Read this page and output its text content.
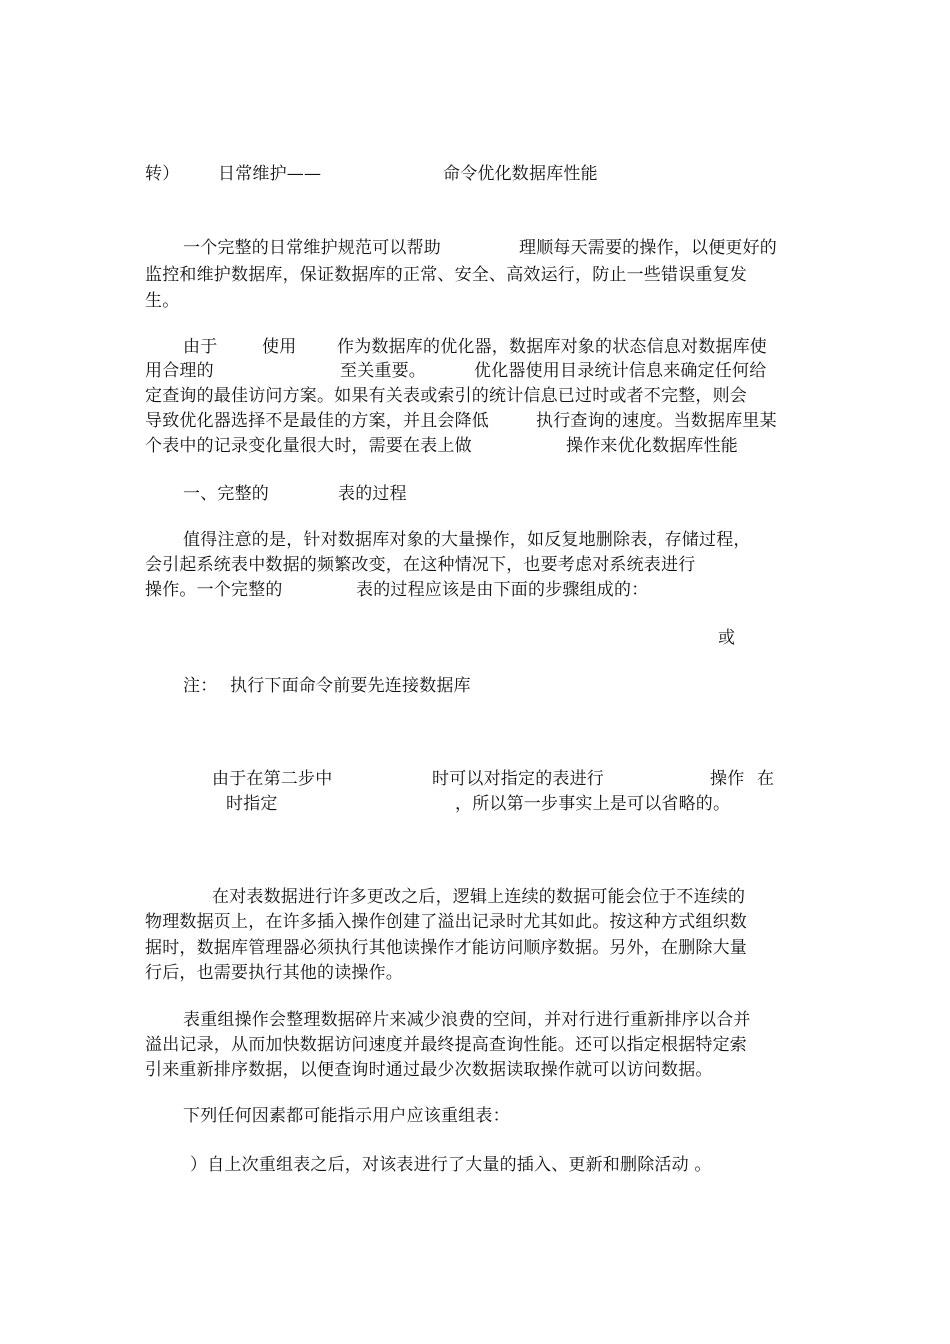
转） 日常维护——	命令优化数据库性能
一个完整的日常维护规范可以帮助	理顺每天需要的操作，以便更好的
监控和维护数据库，保证数据库的正常、安全、高效运行，防止一些错误重复发
生。
由于	使用 作为数据库的优化器，数据库对象的状态信息对数据库使
用合理的	至关重要。	优化器使用目录统计信息来确定任何给
定查询的最佳访问方案。如果有关表或索引的统计信息已过时或者不完整，则会
导致优化器选择不是最佳的方案，并且会降低	执行查询的速度。当数据库里某
个表中的记录变化量很大时，需要在表上做	操作来优化数据库性能
一、完整的	表的过程
值得注意的是，针对数据库对象的大量操作，如反复地删除表，存储过程，
会引起系统表中数据的频繁改变，在这种情况下，也要考虑对系统表进行
操作。一个完整的	表的过程应该是由下面的步骤组成的：
或
注： 执行下面命令前要先连接数据库
由于在第二步中	时可以对指定的表进行	操作 在
时指定	，所以第一步事实上是可以省略的。
在对表数据进行许多更改之后，逻辑上连续的数据可能会位于不连续的
物理数据页上，在许多插入操作创建了溢出记录时尤其如此。按这种方式组织数
据时，数据库管理器必须执行其他读操作才能访问顺序数据。另外，在删除大量
行后，也需要执行其他的读操作。
表重组操作会整理数据碎片来减少浪费的空间，并对行进行重新排序以合并
溢出记录，从而加快数据访问速度并最终提高查询性能。还可以指定根据特定索
引来重新排序数据，以便查询时通过最少次数据读取操作就可以访问数据。
下列任何因素都可能指示用户应该重组表：
）自上次重组表之后，对该表进行了大量的插入、更新和删除活动 。
